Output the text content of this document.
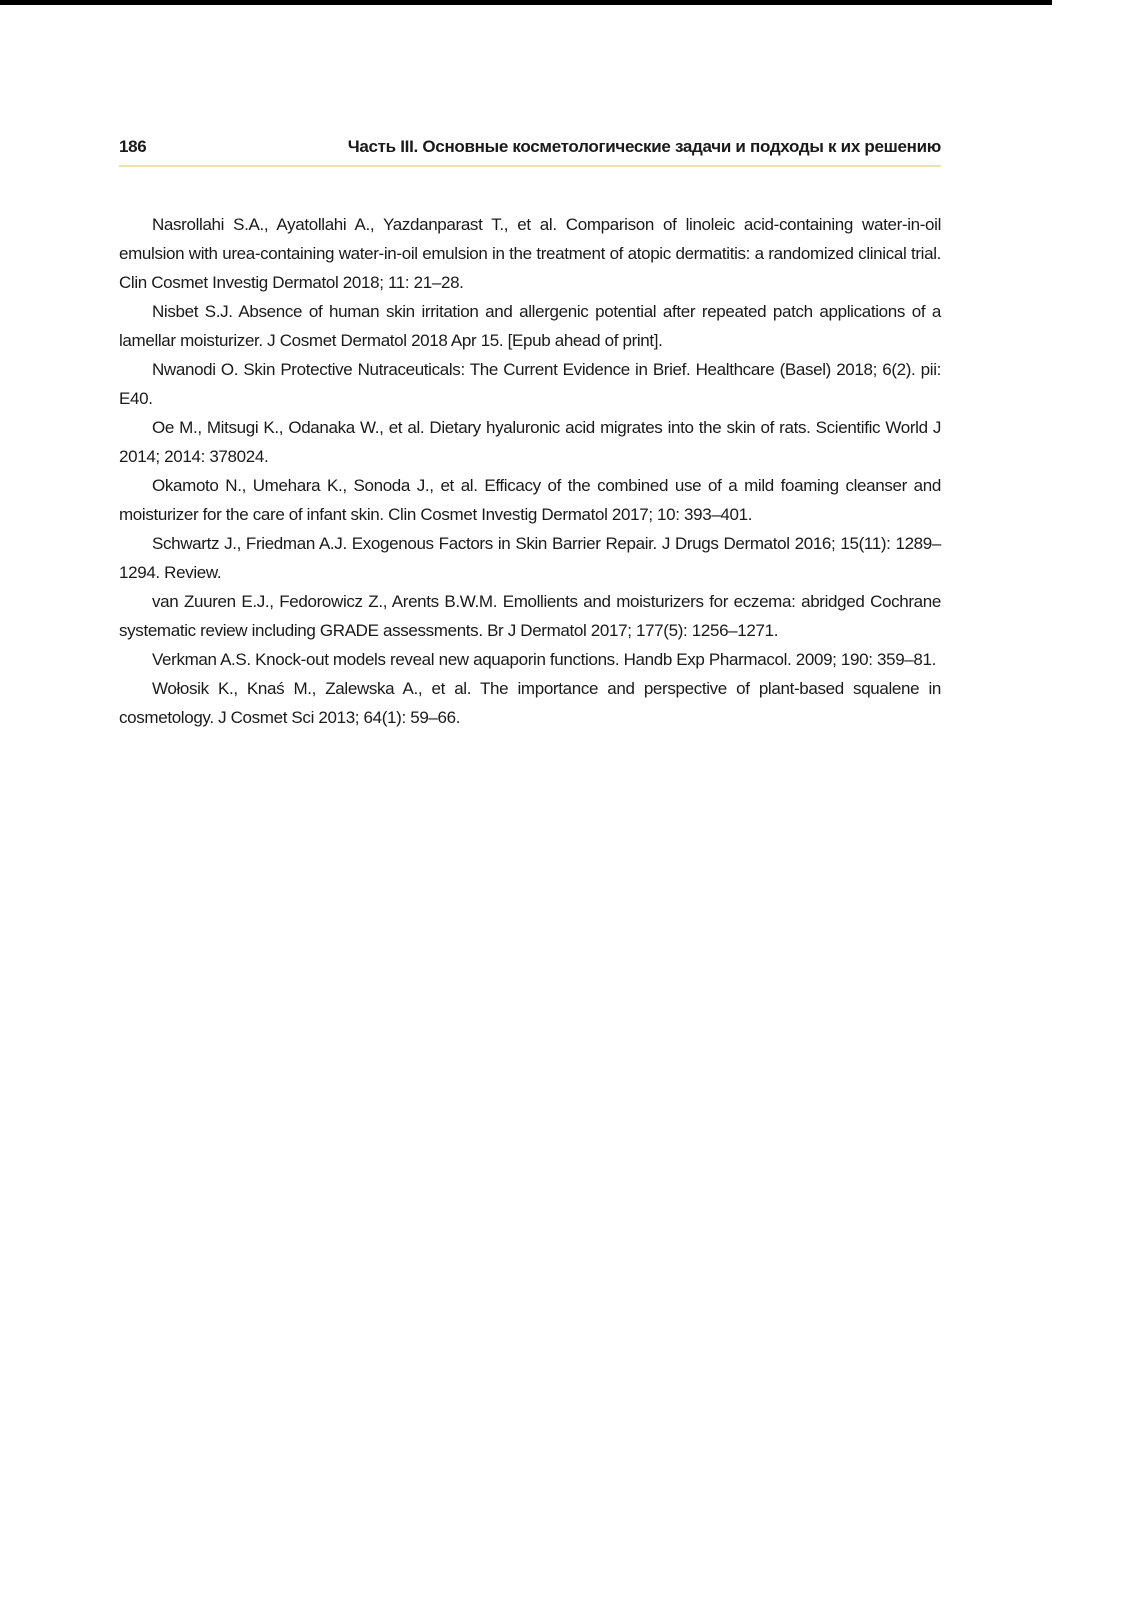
186	Часть III. Основные косметологические задачи и подходы к их решению

Nasrollahi S.A., Ayatollahi A., Yazdanparast T., et al. Comparison of linoleic acid-containing water-in-oil emulsion with urea-containing water-in-oil emulsion in the treatment of atopic dermatitis: a randomized clinical trial. Clin Cosmet Investig Dermatol 2018; 11: 21–28.

Nisbet S.J. Absence of human skin irritation and allergenic potential after repeated patch applications of a lamellar moisturizer. J Cosmet Dermatol 2018 Apr 15. [Epub ahead of print].

Nwanodi O. Skin Protective Nutraceuticals: The Current Evidence in Brief. Healthcare (Basel) 2018; 6(2). pii: E40.

Oe M., Mitsugi K., Odanaka W., et al. Dietary hyaluronic acid migrates into the skin of rats. Scientific World J 2014; 2014: 378024.

Okamoto N., Umehara K., Sonoda J., et al. Efficacy of the combined use of a mild foaming cleanser and moisturizer for the care of infant skin. Clin Cosmet Investig Dermatol 2017; 10: 393–401.

Schwartz J., Friedman A.J. Exogenous Factors in Skin Barrier Repair. J Drugs Dermatol 2016; 15(11): 1289–1294. Review.

van Zuuren E.J., Fedorowicz Z., Arents B.W.M. Emollients and moisturizers for eczema: abridged Cochrane systematic review including GRADE assessments. Br J Dermatol 2017; 177(5): 1256–1271.

Verkman A.S. Knock-out models reveal new aquaporin functions. Handb Exp Pharmacol. 2009; 190: 359–81.

Wołosik K., Knaś M., Zalewska A., et al. The importance and perspective of plant-based squalene in cosmetology. J Cosmet Sci 2013; 64(1): 59–66.
